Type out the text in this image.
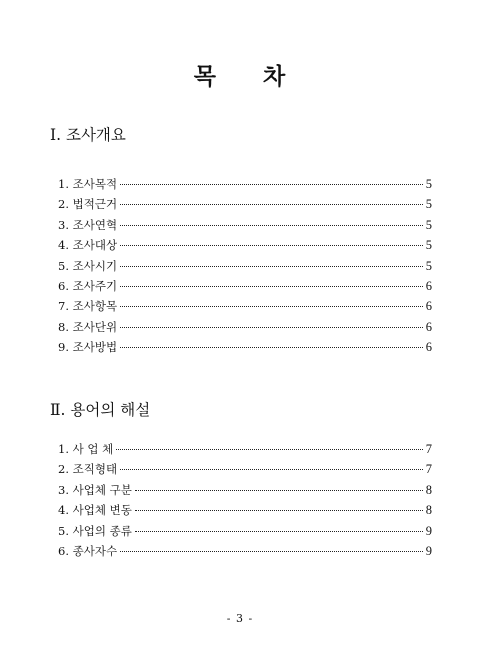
목 차
Ⅰ. 조사개요
1. 조사목적	5
2. 법적근거	5
3. 조사연혁	5
4. 조사대상	5
5. 조사시기	5
6. 조사주기	6
7. 조사항목	6
8. 조사단위	6
9. 조사방법	6
Ⅱ. 용어의 해설
1. 사 업 체	7
2. 조직형태	7
3. 사업체 구분	8
4. 사업체 변동	8
5. 사업의 종류	9
6. 종사자수	9
- 3 -
